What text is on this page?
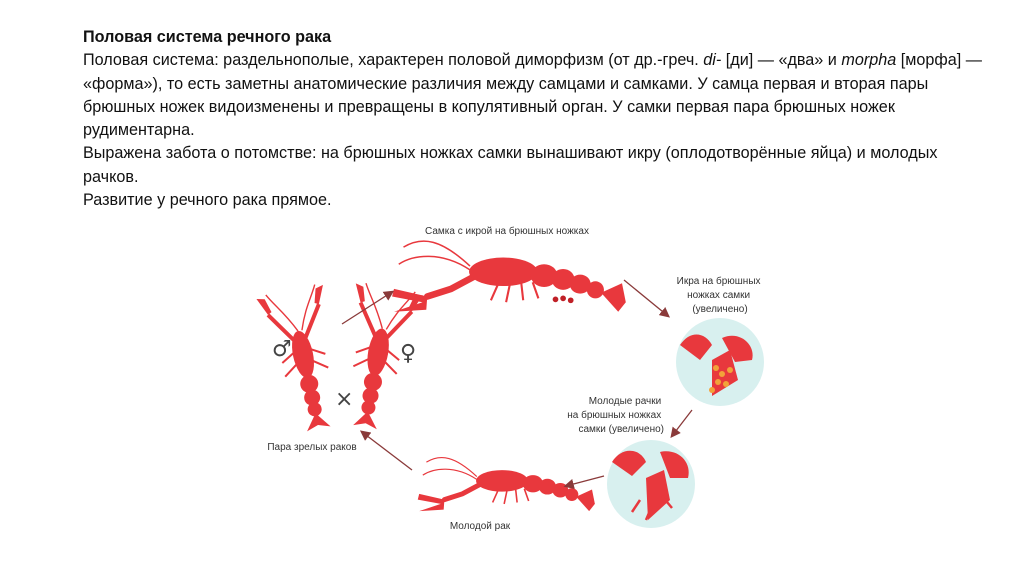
Половая система речного рака

Половая система: раздельнополые, характерен половой диморфизм (от др.-греч. di- [ди] — «два» и morpha [морфа] — «форма»), то есть заметны анатомические различия между самцами и самками. У самца первая и вторая пары брюшных ножек видоизменены и превращены в копулятивный орган. У самки первая пара брюшных ножек рудиментарна.

Выражена забота о потомстве: на брюшных ножках самки вынашивают икру (оплодотворённые яйца) и молодых рачков.

Развитие у речного рака прямое.

Самка с икрой на брюшных ножках
Икра на брюшных ножках самки (увеличено)
Молодые рачки на брюшных ножках самки (увеличено)
Молодой рак
♂	♀
×
Пара зрелых раков
